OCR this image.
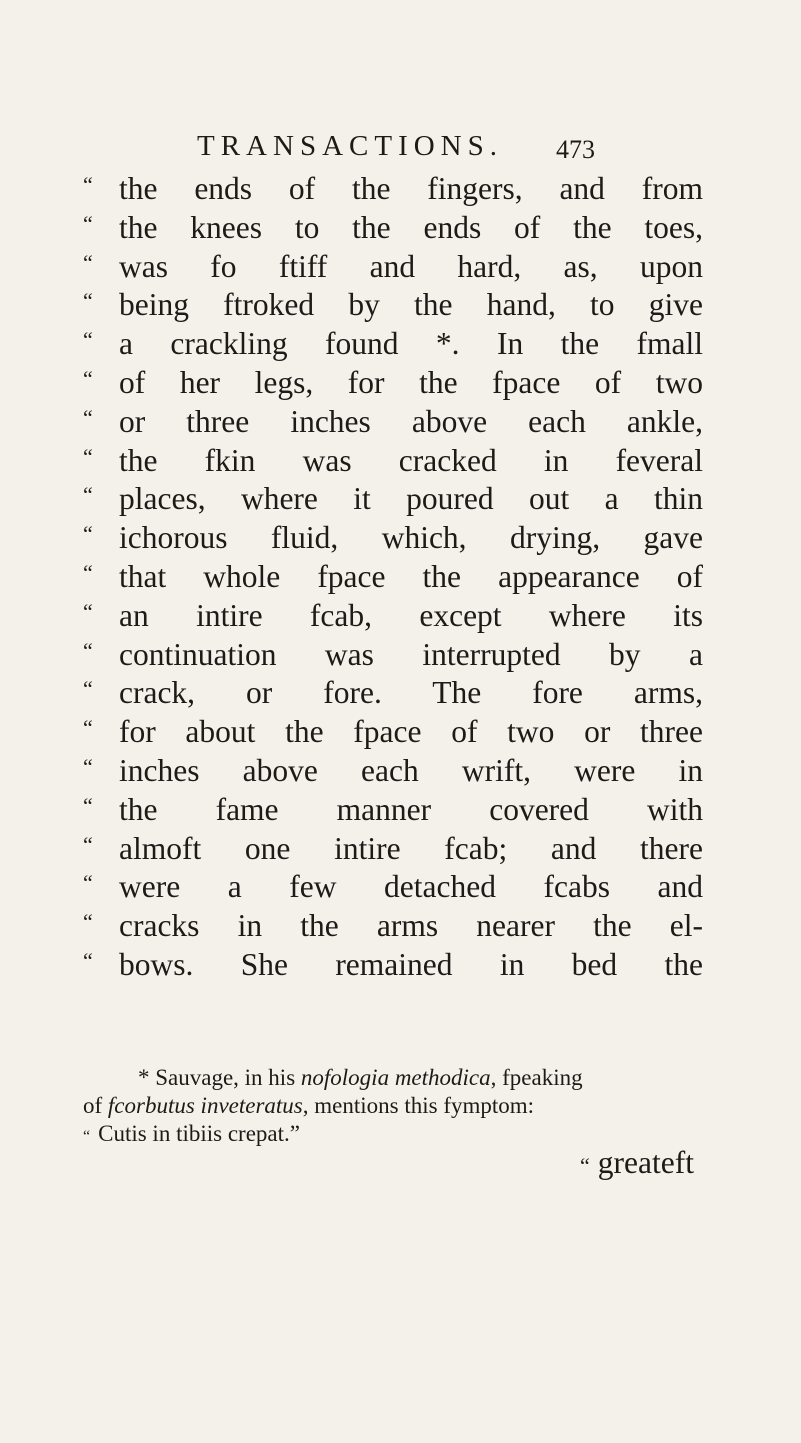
TRANSACTIONS. 473
“ the ends of the fingers, and from
“ the knees to the ends of the toes,
“ was fo ftiff and hard, as, upon
“ being ftroked by the hand, to give
“ a crackling found *. In the fmall
“ of her legs, for the fpace of two
“ or three inches above each ankle,
“ the fkin was cracked in feveral
“ places, where it poured out a thin
“ ichorous fluid, which, drying, gave
“ that whole fpace the appearance of
“ an intire fcab, except where its
“ continuation was interrupted by a
“ crack, or fore. The fore arms,
“ for about the fpace of two or three
“ inches above each wrift, were in
“ the fame manner covered with
“ almoft one intire fcab; and there
“ were a few detached fcabs and
“ cracks in the arms nearer the el-
“ bows. She remained in bed the
* Sauvage, in his nofologia methodica, fpeaking
of fcorbutus inveteratus, mentions this fymptom:
“ Cutis in tibiis crepat.”
“ greateft
